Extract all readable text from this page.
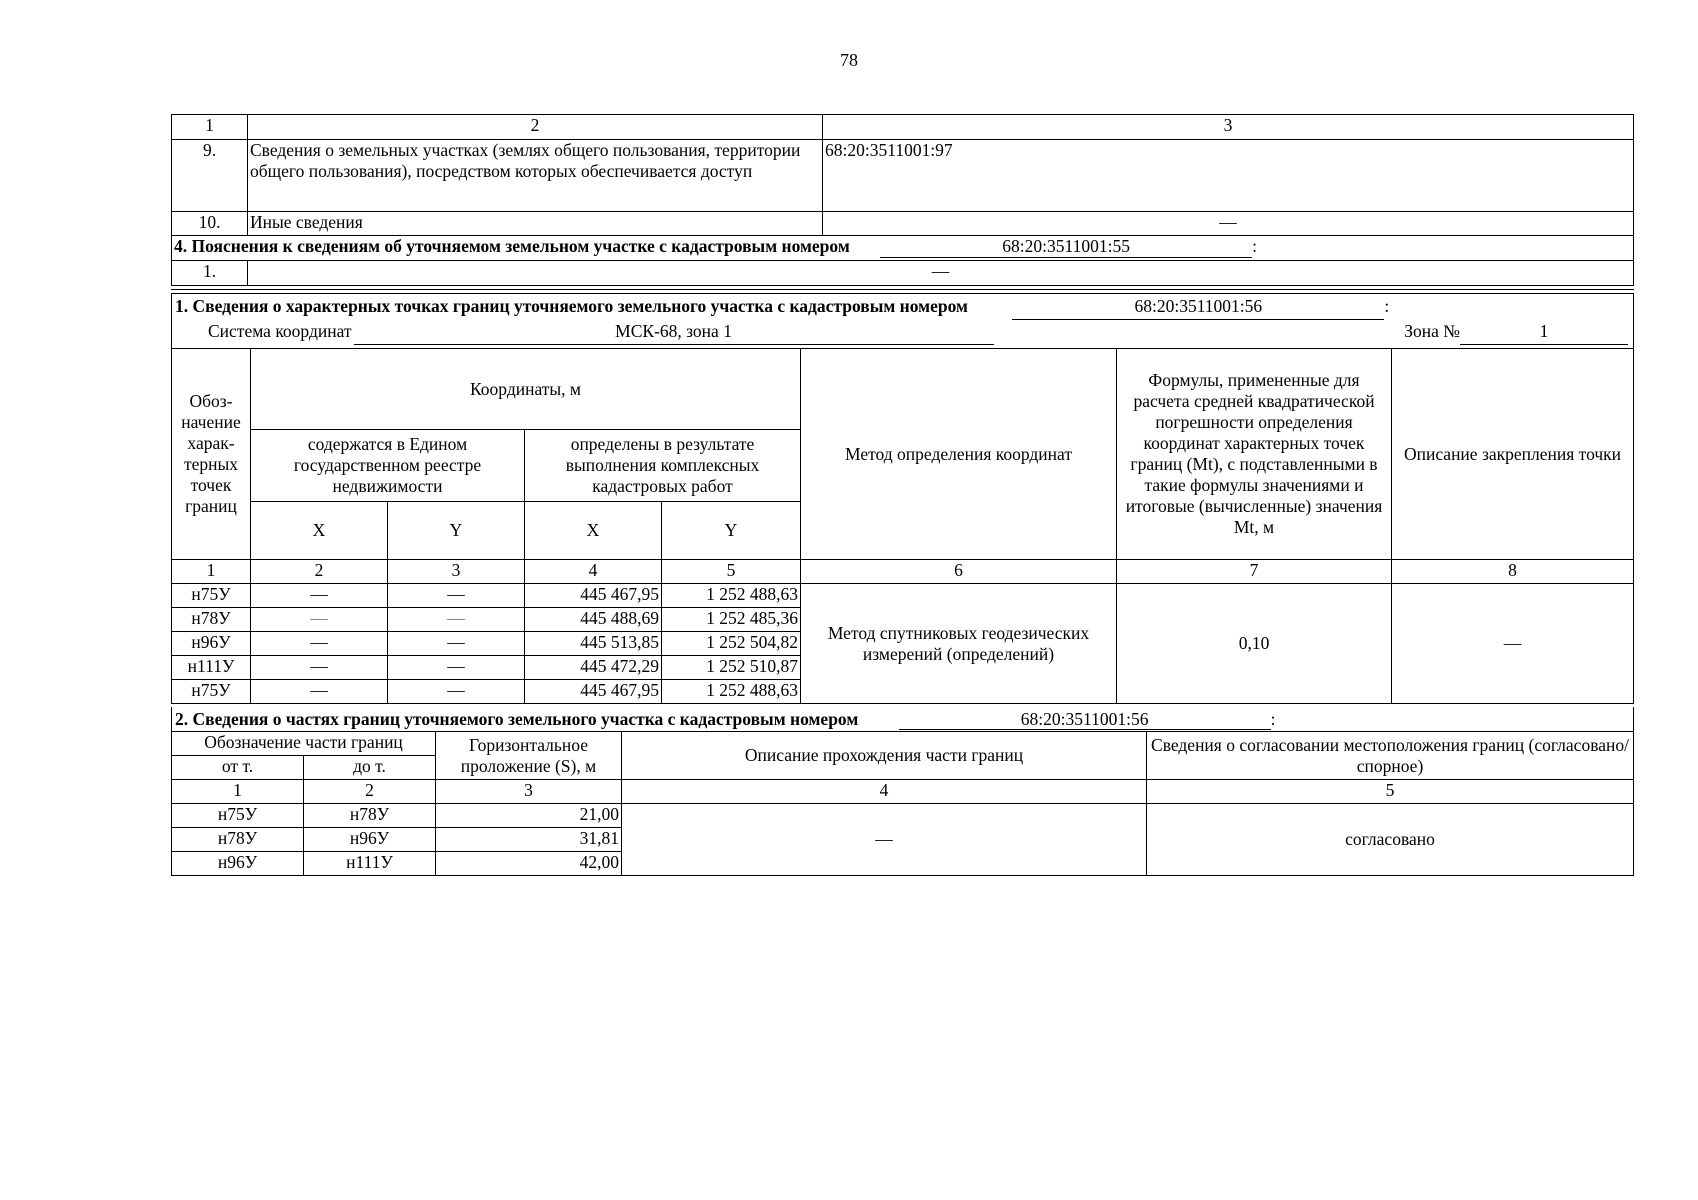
78
1	2	3
9.	Сведения о земельных участках (землях общего пользования, территории общего пользования), посредством которых обеспечивается доступ	68:20:3511001:97
10.	Иные сведения	—
4. Пояснения к сведениям об уточняемом земельном участке с кадастровым номером	68:20:3511001:55	:
1.	—
1. Сведения о характерных точках границ уточняемого земельного участка с кадастровым номером	68:20:3511001:56	:
Система координат	МСК-68, зона 1	Зона №	1
Обоз-начение харак-терных точек границ	Координаты, м				Метод определения координат	Формулы, примененные для расчета средней квадратической погрешности определения координат характерных точек границ (Mt), с подставленными в такие формулы значениями и итоговые (вычисленные) значения Mt, м	Описание закрепления точки
	содержатся в Едином государственном реестре недвижимости		определены в результате выполнения комплексных кадастровых работ				
	X	Y	X	Y			
1	2	3	4	5	6	7	8
н75У	—	—	445 467,95	1 252 488,63	Метод спутниковых геодезических измерений (определений)	0,10	—
н78У	—	—	445 488,69	1 252 485,36			
н96У	—	—	445 513,85	1 252 504,82			
н111У	—	—	445 472,29	1 252 510,87			
н75У	—	—	445 467,95	1 252 488,63			
2. Сведения о частях границ уточняемого земельного участка с кадастровым номером	68:20:3511001:56	:
Обозначение части границ		Горизонтальное проложение (S), м	Описание прохождения части границ	Сведения о согласовании местоположения границ (согласовано/спорное)
от т.	до т.			
1	2	3	4	5
н75У	н78У	21,00	—	согласовано
н78У	н96У	31,81		
н96У	н111У	42,00		
